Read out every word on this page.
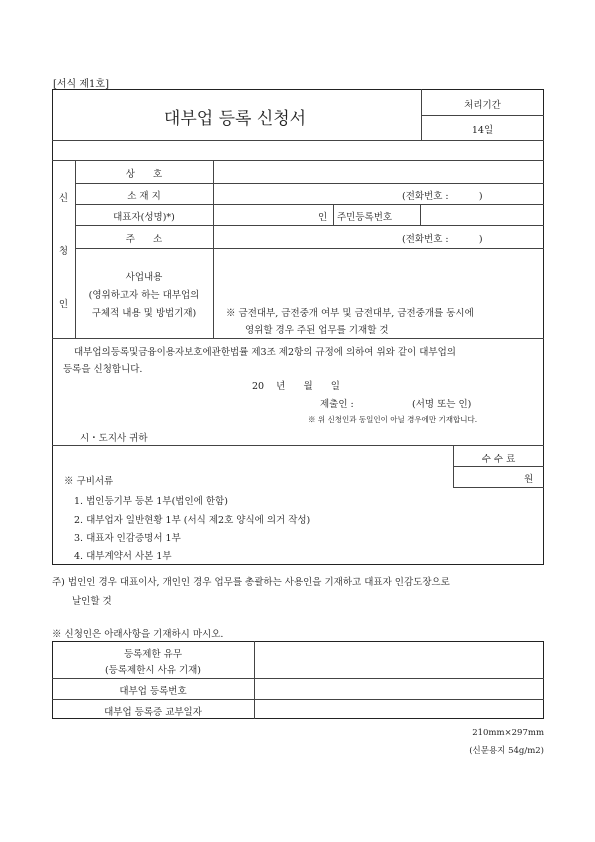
[서식 제1호]
대부업 등록 신청서
처리기간
14일
신
청
인
상      호
소 재 지	(전화번호 :          )
대표자(성명)*)	인 주민등록번호
주      소	(전화번호 :          )
사업내용
(영위하고자 하는 대부업의
구체적 내용 및 방법기재)	※ 금전대부, 금전중개 여부 및 금전대부, 금전중개를 동시에
영위할 경우 주된 업무를 기재할 것
대부업의등록및금융이용자보호에관한법률 제3조 제2항의 규정에 의하여 위와 같이 대부업의
등록을 신청합니다.
20    년      월      일
제출인 :	(서명 또는 인)
※ 위 신청인과 동일인이 아닐 경우에만 기재합니다.
시・도지사 귀하
수 수 료
원
※ 구비서류
1. 법인등기부 등본 1부(법인에 한함)
2. 대부업자 일반현황 1부 (서식 제2호 양식에 의거 작성)
3. 대표자 인감증명서 1부
4. 대부계약서 사본 1부
주) 법인인 경우 대표이사, 개인인 경우 업무를 총괄하는 사용인을 기재하고 대표자 인감도장으로
날인할 것
※ 신청인은 아래사항을 기재하시 마시오.
등록제한 유무
(등록제한시 사유 기재)
대부업 등록번호
대부업 등록증 교부일자
210mm×297mm
(신문용지 54g/m2)
